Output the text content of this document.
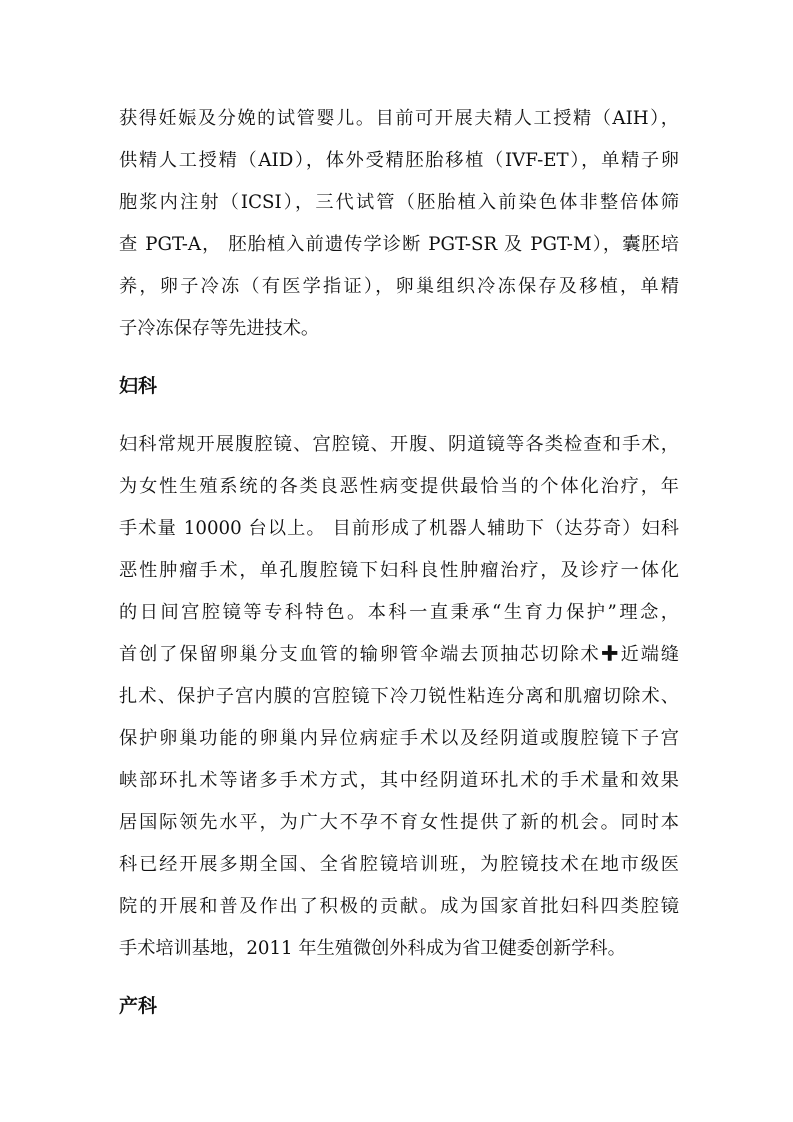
获得妊娠及分娩的试管婴儿。目前可开展夫精人工授精（AIH），
供精人工授精（AID），体外受精胚胎移植（IVF-ET），单精子卵
胞浆内注射（ICSI），三代试管（胚胎植入前染色体非整倍体筛
查 PGT-A， 胚胎植入前遗传学诊断 PGT-SR 及 PGT-M），囊胚培
养，卵子冷冻（有医学指证），卵巢组织冷冻保存及移植，单精
子冷冻保存等先进技术。
妇科
妇科常规开展腹腔镜、宫腔镜、开腹、阴道镜等各类检查和手术，
为女性生殖系统的各类良恶性病变提供最恰当的个体化治疗，年
手术量 10000 台以上。 目前形成了机器人辅助下（达芬奇）妇科
恶性肿瘤手术，单孔腹腔镜下妇科良性肿瘤治疗，及诊疗一体化
的日间宫腔镜等专科特色。本科一直秉承“生育力保护”理念，
首创了保留卵巢分支血管的输卵管伞端去顶抽芯切除术✚近端缝
扎术、保护子宫内膜的宫腔镜下冷刀锐性粘连分离和肌瘤切除术、
保护卵巢功能的卵巢内异位病症手术以及经阴道或腹腔镜下子宫
峡部环扎术等诸多手术方式，其中经阴道环扎术的手术量和效果
居国际领先水平，为广大不孕不育女性提供了新的机会。同时本
科已经开展多期全国、全省腔镜培训班，为腔镜技术在地市级医
院的开展和普及作出了积极的贡献。成为国家首批妇科四类腔镜
手术培训基地，2011 年生殖微创外科成为省卫健委创新学科。
产科
